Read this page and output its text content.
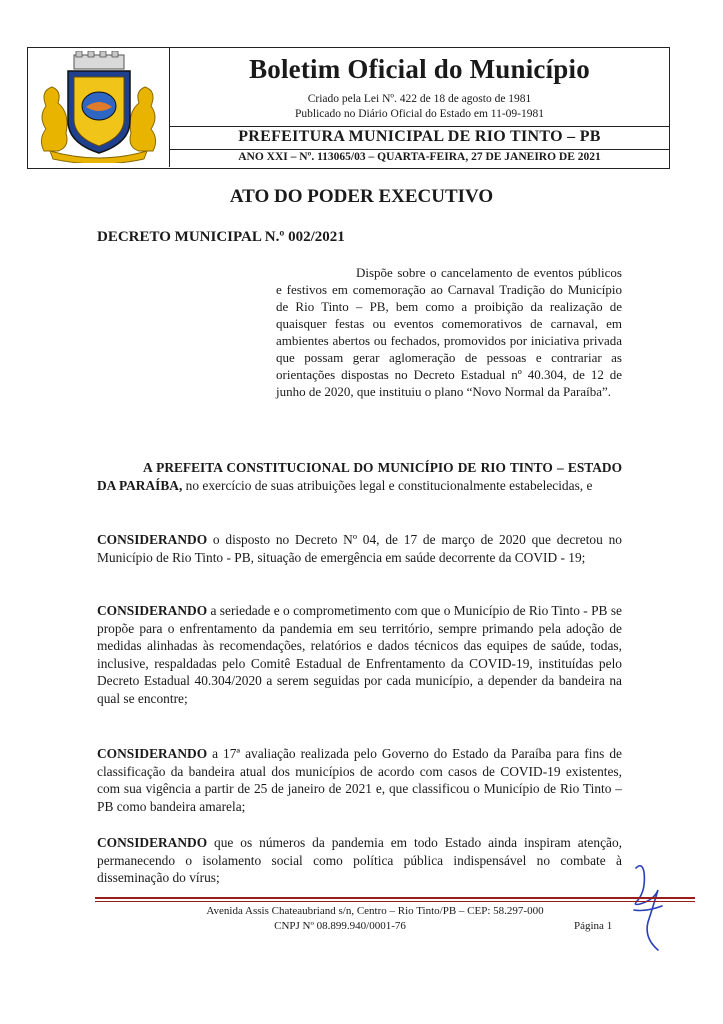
Boletim Oficial do Município
Criado pela Lei Nº. 422 de 18 de agosto de 1981
Publicado no Diário Oficial do Estado em 11-09-1981
PREFEITURA MUNICIPAL DE RIO TINTO – PB
ANO XXI – Nº. 113065/03 – QUARTA-FEIRA, 27 DE JANEIRO DE 2021
ATO DO PODER EXECUTIVO
DECRETO MUNICIPAL N.º 002/2021
Dispõe sobre o cancelamento de eventos públicos e festivos em comemoração ao Carnaval Tradição do Município de Rio Tinto – PB, bem como a proibição da realização de quaisquer festas ou eventos comemorativos de carnaval, em ambientes abertos ou fechados, promovidos por iniciativa privada que possam gerar aglomeração de pessoas e contrariar as orientações dispostas no Decreto Estadual nº 40.304, de 12 de junho de 2020, que instituiu o plano “Novo Normal da Paraíba”.
A PREFEITA CONSTITUCIONAL DO MUNICÍPIO DE RIO TINTO – ESTADO DA PARAÍBA, no exercício de suas atribuições legal e constitucionalmente estabelecidas, e
CONSIDERANDO o disposto no Decreto Nº 04, de 17 de março de 2020 que decretou no Município de Rio Tinto - PB, situação de emergência em saúde decorrente da COVID - 19;
CONSIDERANDO a seriedade e o comprometimento com que o Município de Rio Tinto - PB se propõe para o enfrentamento da pandemia em seu território, sempre primando pela adoção de medidas alinhadas às recomendações, relatórios e dados técnicos das equipes de saúde, todas, inclusive, respaldadas pelo Comitê Estadual de Enfrentamento da COVID-19, instituídas pelo Decreto Estadual 40.304/2020 a serem seguidas por cada município, a depender da bandeira na qual se encontre;
CONSIDERANDO a 17ª avaliação realizada pelo Governo do Estado da Paraíba para fins de classificação da bandeira atual dos municípios de acordo com casos de COVID-19 existentes, com sua vigência a partir de 25 de janeiro de 2021 e, que classificou o Município de Rio Tinto – PB como bandeira amarela;
CONSIDERANDO que os números da pandemia em todo Estado ainda inspiram atenção, permanecendo o isolamento social como política pública indispensável no combate à disseminação do vírus;
Avenida Assis Chateaubriand s/n, Centro – Rio Tinto/PB – CEP: 58.297-000
CNPJ Nº 08.899.940/0001-76	Página 1
